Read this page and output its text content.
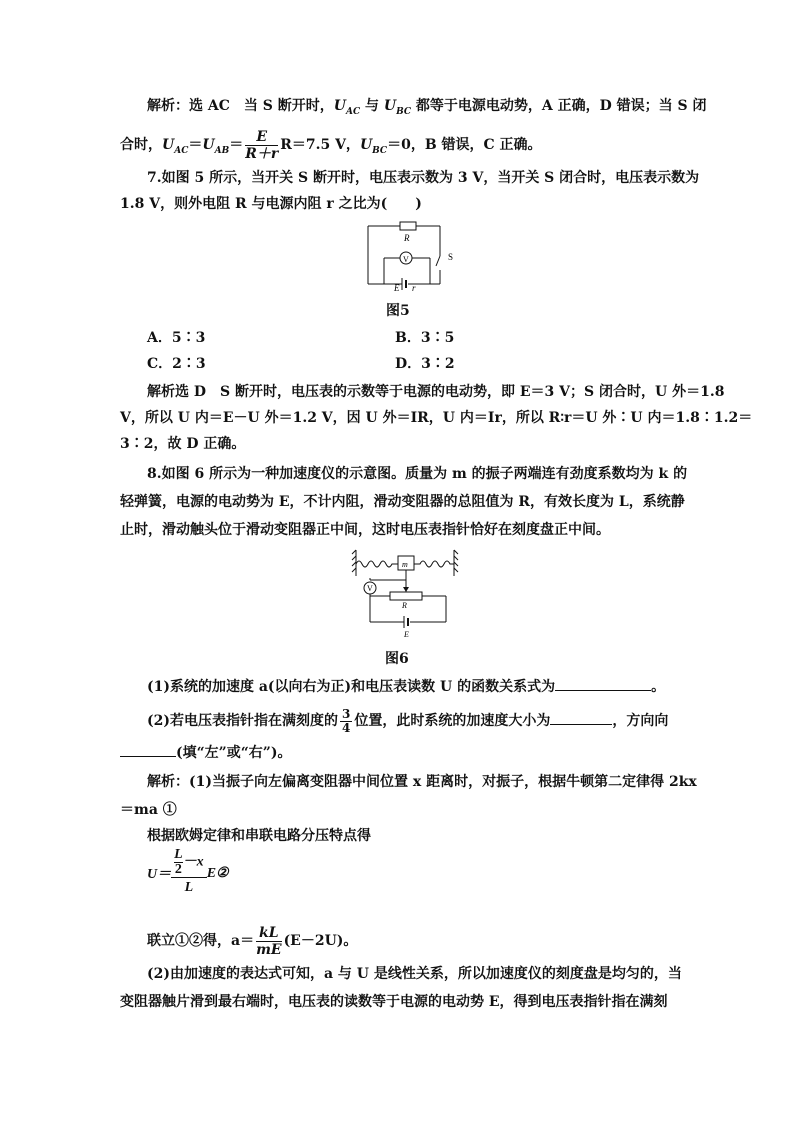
解析：选 AC　当 S 断开时，$U_{AC}$ 与 $U_{BC}$ 都等于电源电动势，A 正确，D 错误；当 S 闭
合时，$U_{AC}=U_{AB}= \frac{E}{R+r} R=7.5$ V，$U_{BC}=0$，B 错误，C 正确。
7.如图 5 所示，当开关 S 断开时，电压表示数为 3 V，当开关 S 闭合时，电压表示数为
1.8 V，则外电阻 R 与电源内阻 r 之比为(　　)
R
V	S
E r
图5
A．5∶3	B．3∶5
C．2∶3	D．3∶2
解析选 D　S 断开时，电压表的示数等于电源的电动势，即 E＝3 V；S 闭合时，U 外＝1.8
V，所以 U 内＝E－U 外＝1.2 V，因 U 外＝IR，U 内＝Ir，所以 R∶r＝U 外∶U 内＝1.8∶1.2＝
3∶2，故 D 正确。
8.如图 6 所示为一种加速度仪的示意图。质量为 m 的振子两端连有劲度系数均为 k 的
轻弹簧，电源的电动势为 E，不计内阻，滑动变阻器的总阻值为 R，有效长度为 L，系统静
止时，滑动触头位于滑动变阻器正中间，这时电压表指针恰好在刻度盘正中间。
m
V
R
E
图6
(1)系统的加速度 a(以向右为正)和电压表读数 U 的函数关系式为	。
(2)若电压表指针指在满刻度的 $\frac{3}{4}$ 位置，此时系统的加速度大小为	，方向向
(填“左”或“右”)。
解析：(1)当振子向左偏离变阻器中间位置 x 距离时，对振子，根据牛顿第二定律得 2kx
＝ma ①
根据欧姆定律和串联电路分压特点得
U＝	$\frac{L}{2} -x$	E②
L
联立①②得，$a= \frac{kL}{mE} (E-2U)$。
(2)由加速度的表达式可知，a 与 U 是线性关系，所以加速度仪的刻度盘是均匀的，当
变阻器触片滑到最右端时，电压表的读数等于电源的电动势 E，得到电压表指针指在满刻
